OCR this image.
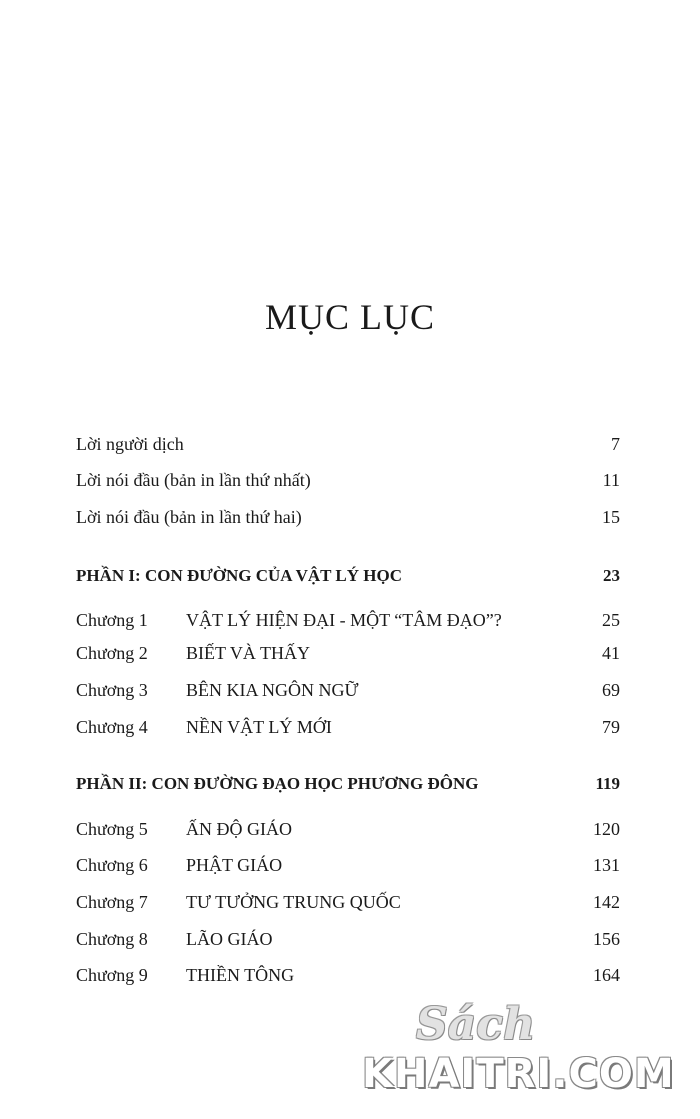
MỤC LỤC
Lời người dịch	7
Lời nói đầu (bản in lần thứ nhất)	11
Lời nói đầu (bản in lần thứ hai)	15
PHẦN I: CON ĐƯỜNG CỦA VẬT LÝ HỌC	23
Chương 1 VẬT LÝ HIỆN ĐẠI - MỘT “TÂM ĐẠO”?	25
Chương 2 BIẾT VÀ THẤY	41
Chương 3 BÊN KIA NGÔN NGỮ	69
Chương 4 NỀN VẬT LÝ MỚI	79
PHẦN II: CON ĐƯỜNG ĐẠO HỌC PHƯƠNG ĐÔNG	119
Chương 5 ẤN ĐỘ GIÁO	120
Chương 6 PHẬT GIÁO	131
Chương 7 TƯ TƯỞNG TRUNG QUỐC	142
Chương 8 LÃO GIÁO	156
Chương 9 THIỀN TÔNG	164
Sách
KHAITRI.COM
